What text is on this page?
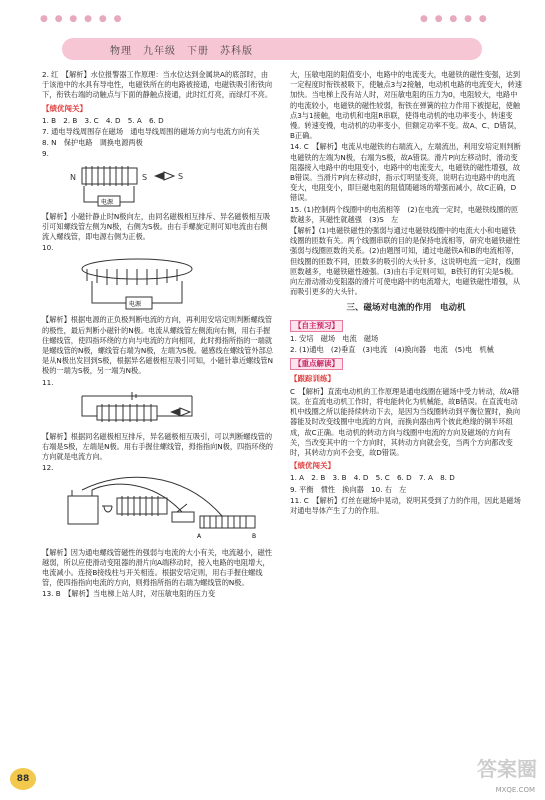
● ● ● ● ● ●	● ● ● ● ●
物理　九年级　下册　苏科版

2. 红　【解析】水位报警器工作原理：当水位达到金属块A的底部时，由于该池中的水具有导电性，电磁铁所在的电路被接通，电磁铁吸引衔铁向下，衔铁右端的动触点与下面的静触点接通，此时红灯亮，而绿灯不亮。

【绩优闯关】

1. B　2. B　3. C　4. D　5. A　6. D

7. 通电导线周围存在磁场　通电导线周围的磁场方向与电流方向有关

8. N　保护电路　调换电源两极

9.

N	S	S
电源

【解析】小磁针静止时N极向左，由同名磁极相互排斥、异名磁极相互吸引可知螺线管左侧为N极，右侧为S极。由右手螺旋定则可知电流由右侧流入螺线管，即电源右侧为正极。

10.

电源

【解析】根据电源的正负极判断电流的方向，再利用安培定则判断螺线管的极性，最后判断小磁针的N极。电流从螺线管左侧流向右侧，用右手握住螺线管，使四指环绕的方向与电流的方向相同，此时拇指所指的一端就是螺线管的N极，螺线管右端为N极，左端为S极。磁感线在螺线管外部总是从N极出发回到S极，根据异名磁极相互吸引可知，小磁针靠近螺线管N极的一端为S极，另一端为N极。

11.

【解析】根据同名磁极相互排斥，异名磁极相互吸引，可以判断螺线管的右端是S极，左端是N极。用右手握住螺线管，拇指指向N极，四指环绕的方向就是电流方向。

12.

A	B

【解析】因为通电螺线管磁性的强弱与电流的大小有关，电流越小，磁性越弱，所以应使滑动变阻器的滑片向A端移动时，接入电路的电阻增大，电流减小。连接B接线柱与开关相连。根据安培定则，用右手握住螺线管，使四指指向电流的方向，则拇指所指的右端为螺线管的N极。

13. B　【解析】当电梯上站人时，对压敏电阻的压力变

大，压敏电阻的阻值变小，电路中的电流变大，电磁铁的磁性变强，达到一定程度时衔铁被吸下，使触点3与2接触，电动机电路的电流变大，转速加快。当电梯上没有站人时，对压敏电阻的压力为0，电阻较大，电路中的电流较小，电磁铁的磁性较弱，衔铁在弹簧的拉力作用下被提起，使触点3与1接触，电动机和电阻R串联，使得电动机的电功率变小，转速变慢。转速变慢，电动机的功率变小，但额定功率不变。故A、C、D错误，B正确。

14. C　【解析】电流从电磁铁的右端流入，左端流出，利用安培定则判断电磁铁的左端为N极，右端为S极，故A错误。滑片P向左移动时，滑动变阻器接入电路中的电阻变小，电路中的电流变大，电磁铁的磁性增强，故B错误。当滑片P向左移动时，指示灯明显变亮，说明右边电路中的电流变大，电阻变小，即巨磁电阻的阻值随磁场的增强而减小，故C正确，D错误。

15. (1)控制两个线圈中的电流相等　(2)在电流一定时，电磁铁线圈的匝数越多，其磁性就越强　(3)S　左

【解析】(1)电磁铁磁性的强弱与通过电磁铁线圈中的电流大小和电磁铁线圈的匝数有关。两个线圈串联的目的是保持电流相等，研究电磁铁磁性强弱与线圈匝数的关系。(2)由题图可知，通过电磁铁A和B的电流相等，但线圈的匝数不同，匝数多的吸引的大头针多，这说明电流一定时，线圈匝数越多，电磁铁磁性越强。(3)由右手定则可知，B铁钉的钉尖是S极。向左滑动滑动变阻器的滑片可使电路中的电流增大，电磁铁磁性增强，从而吸引更多的大头针。

三、磁场对电流的作用　电动机
【自主预习】

1. 安培　磁场　电流　磁场

2. (1)通电　(2)垂直　(3)电流　(4)换向器　电流　(5)电　机械

【重点解读】
【跟踪训练】

C　【解析】直流电动机的工作原理是通电线圈在磁场中受力转动，故A错误。在直流电动机工作时，将电能转化为机械能，故B错误。在直流电动机中线圈之所以能持续转动下去，是因为当线圈转动到平衡位置时，换向器能及时改变线圈中电流的方向，而换向器由两个彼此绝缘的铜半环组成，故C正确。电动机的转动方向与线圈中电流的方向及磁场的方向有关，当改变其中的一个方向时，其转动方向就会变，当两个方向都改变时，其转动方向不会变，故D错误。

【绩优闯关】

1. A　2. B　3. B　4. D　5. C　6. D　7. A　8. D

9. 平衡　惯性　换向器　10. 右　左

11. C　【解析】灯丝在磁场中晃动，说明其受到了力的作用，因此是磁场对通电导体产生了力的作用。

88	答案圈
MXQE.COM
